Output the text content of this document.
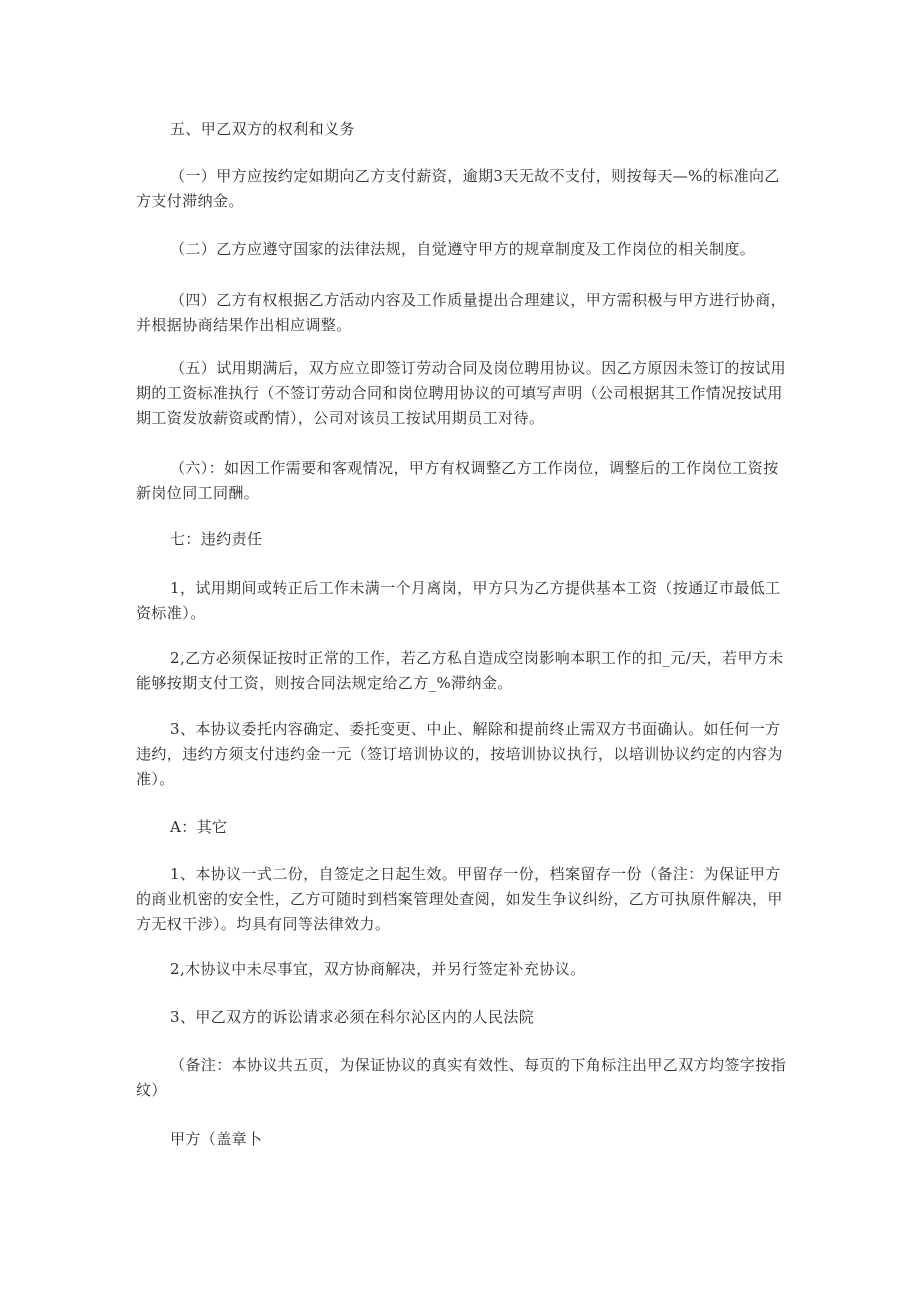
五、甲乙双方的权利和义务

（一）甲方应按约定如期向乙方支付薪资，逾期3天无故不支付，则按每天—%的标准向乙方支付滞纳金。

（二）乙方应遵守国家的法律法规，自觉遵守甲方的规章制度及工作岗位的相关制度。

（四）乙方有权根据乙方活动内容及工作质量提出合理建议，甲方需积极与甲方进行协商，并根据协商结果作出相应调整。

（五）试用期满后，双方应立即签订劳动合同及岗位聘用协议。因乙方原因未签订的按试用期的工资标准执行（不签订劳动合同和岗位聘用协议的可填写声明（公司根据其工作情况按试用期工资发放薪资或酌情），公司对该员工按试用期员工对待。

（六）：如因工作需要和客观情况，甲方有权调整乙方工作岗位，调整后的工作岗位工资按新岗位同工同酬。

七：违约责任

1，试用期间或转正后工作未满一个月离岗，甲方只为乙方提供基本工资（按通辽市最低工资标准）。

2,乙方必须保证按时正常的工作，若乙方私自造成空岗影响本职工作的扣_元/天，若甲方未能够按期支付工资，则按合同法规定给乙方_%滞纳金。

3、本协议委托内容确定、委托变更、中止、解除和提前终止需双方书面确认。如任何一方违约，违约方须支付违约金一元（签订培训协议的，按培训协议执行，以培训协议约定的内容为准）。

A：其它

1、本协议一式二份，自签定之日起生效。甲留存一份，档案留存一份（备注：为保证甲方的商业机密的安全性，乙方可随时到档案管理处查阅，如发生争议纠纷，乙方可执原件解决，甲方无权干涉）。均具有同等法律效力。

2,木协议中未尽事宜，双方协商解决，并另行签定补充协议。

3、甲乙双方的诉讼请求必须在科尔沁区内的人民法院

（备注：本协议共五页，为保证协议的真实有效性、每页的下角标注出甲乙双方均签字按指纹）

甲方（盖章卜
